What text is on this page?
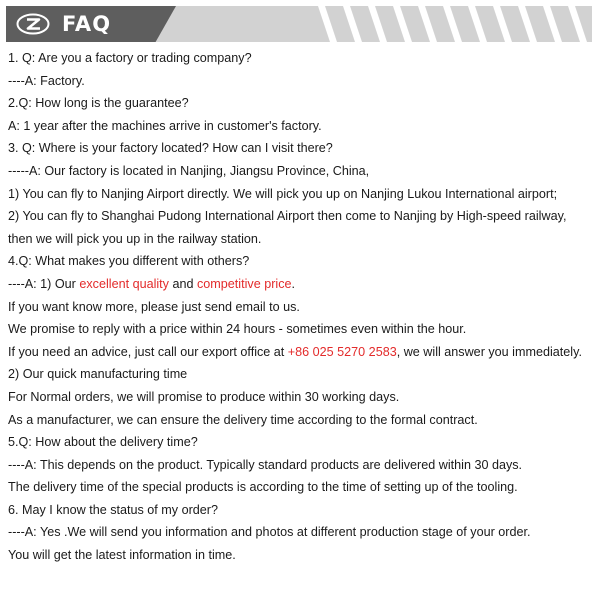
FAQ
1. Q: Are you a factory or trading company?
----A: Factory.
2.Q: How long is the guarantee?
A: 1 year after the machines arrive in customer's factory.
3. Q: Where is your factory located? How can I visit there?
-----A: Our factory is located in Nanjing, Jiangsu Province, China,
1) You can fly to Nanjing Airport directly. We will pick you up on Nanjing Lukou International airport;
2) You can fly to Shanghai Pudong International Airport then come to Nanjing by High-speed railway,
then we will pick you up in the railway station.
4.Q: What makes you different with others?
----A: 1) Our excellent quality and competitive price.
If you want know more, please just send email to us.
We promise to reply with a price within 24 hours - sometimes even within the hour.
If you need an advice, just call our export office at +86 025 5270 2583, we will answer you immediately.
2) Our quick manufacturing time
For Normal orders, we will promise to produce within 30 working days.
As a manufacturer, we can ensure the delivery time according to the formal contract.
5.Q: How about the delivery time?
----A: This depends on the product. Typically standard products are delivered within 30 days.
The delivery time of the special products is according to the time of setting up of the tooling.
6. May I know the status of my order?
----A: Yes .We will send you information and photos at different production stage of your order.
You will get the latest information in time.
